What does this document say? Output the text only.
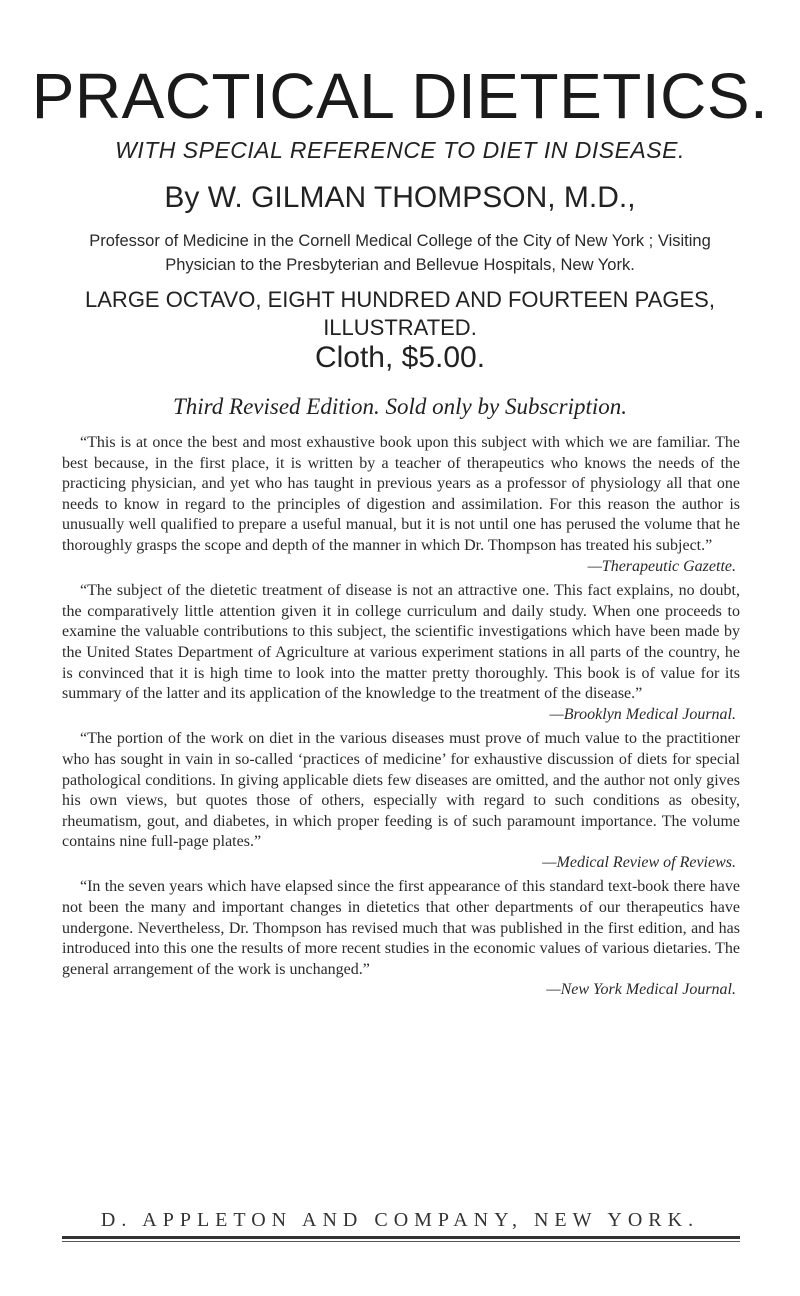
PRACTICAL DIETETICS.
WITH SPECIAL REFERENCE TO DIET IN DISEASE.
By W. GILMAN THOMPSON, M.D.,
Professor of Medicine in the Cornell Medical College of the City of New York ; Visiting Physician to the Presbyterian and Bellevue Hospitals, New York.
LARGE OCTAVO, EIGHT HUNDRED AND FOURTEEN PAGES, ILLUSTRATED.
Cloth, $5.00.
Third Revised Edition. Sold only by Subscription.

“This is at once the best and most exhaustive book upon this subject with which we are familiar. The best because, in the first place, it is written by a teacher of therapeutics who knows the needs of the practicing physician, and yet who has taught in previous years as a professor of physiology all that one needs to know in regard to the principles of digestion and assimilation. For this reason the author is unusually well qualified to prepare a useful manual, but it is not until one has perused the volume that he thoroughly grasps the scope and depth of the manner in which Dr. Thompson has treated his subject.”

—Therapeutic Gazette.

“The subject of the dietetic treatment of disease is not an attractive one. This fact explains, no doubt, the comparatively little attention given it in college curriculum and daily study. When one proceeds to examine the valuable contributions to this subject, the scientific investigations which have been made by the United States Department of Agriculture at various experiment stations in all parts of the country, he is convinced that it is high time to look into the matter pretty thoroughly. This book is of value for its summary of the latter and its application of the knowledge to the treatment of the disease.”

—Brooklyn Medical Journal.

“The portion of the work on diet in the various diseases must prove of much value to the practitioner who has sought in vain in so-called ‘practices of medicine’ for exhaustive discussion of diets for special pathological conditions. In giving applicable diets few diseases are omitted, and the author not only gives his own views, but quotes those of others, especially with regard to such conditions as obesity, rheumatism, gout, and diabetes, in which proper feeding is of such paramount importance. The volume contains nine full-page plates.”

—Medical Review of Reviews.

“In the seven years which have elapsed since the first appearance of this standard text-book there have not been the many and important changes in dietetics that other departments of our therapeutics have undergone. Nevertheless, Dr. Thompson has revised much that was published in the first edition, and has introduced into this one the results of more recent studies in the economic values of various dietaries. The general arrangement of the work is unchanged.”

—New York Medical Journal.

D. APPLETON AND COMPANY, NEW YORK.
